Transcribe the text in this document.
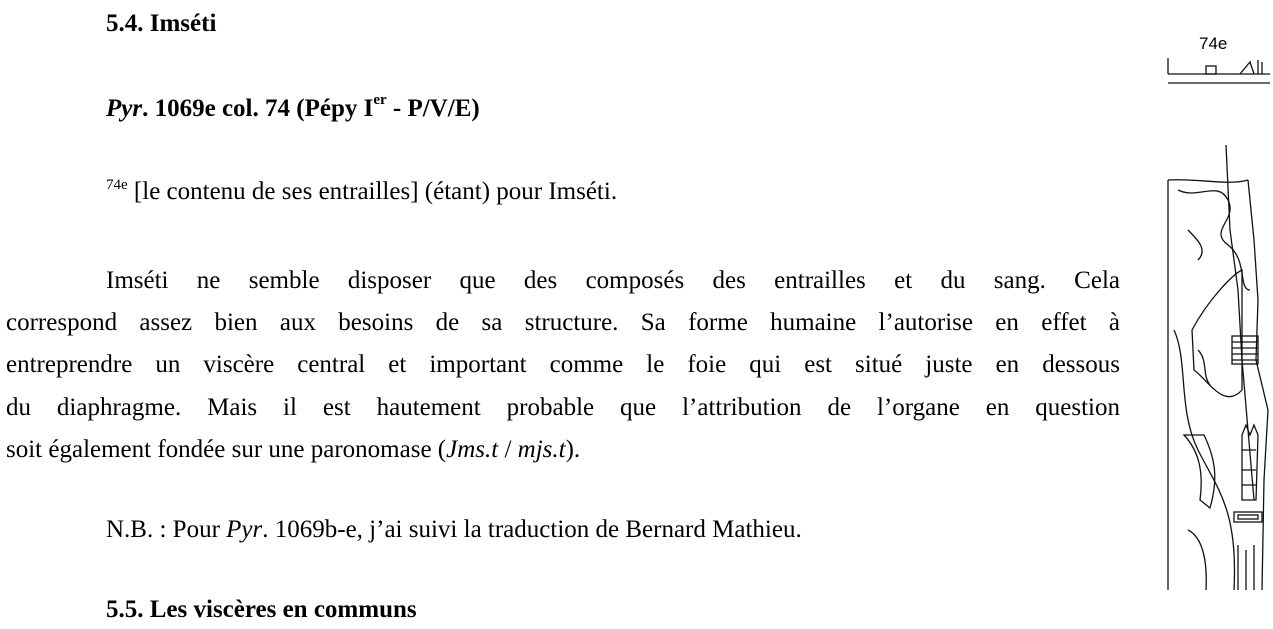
5.4. Imséti
Pyr. 1069e col. 74 (Pépy Ier - P/V/E)
$^{74e}$ [le contenu de ses entrailles] (étant) pour Imséti.
Imséti ne semble disposer que des composés des entrailles et du sang. Cela
correspond assez bien aux besoins de sa structure. Sa forme humaine l’autorise en effet à
entreprendre un viscère central et important comme le foie qui est situé juste en dessous
du diaphragme. Mais il est hautement probable que l’attribution de l’organe en question
soit également fondée sur une paronomase (Jms.t / mjs.t).
N.B. : Pour Pyr. 1069b-e, j’ai suivi la traduction de Bernard Mathieu.
5.5. Les viscères en communs
74e
